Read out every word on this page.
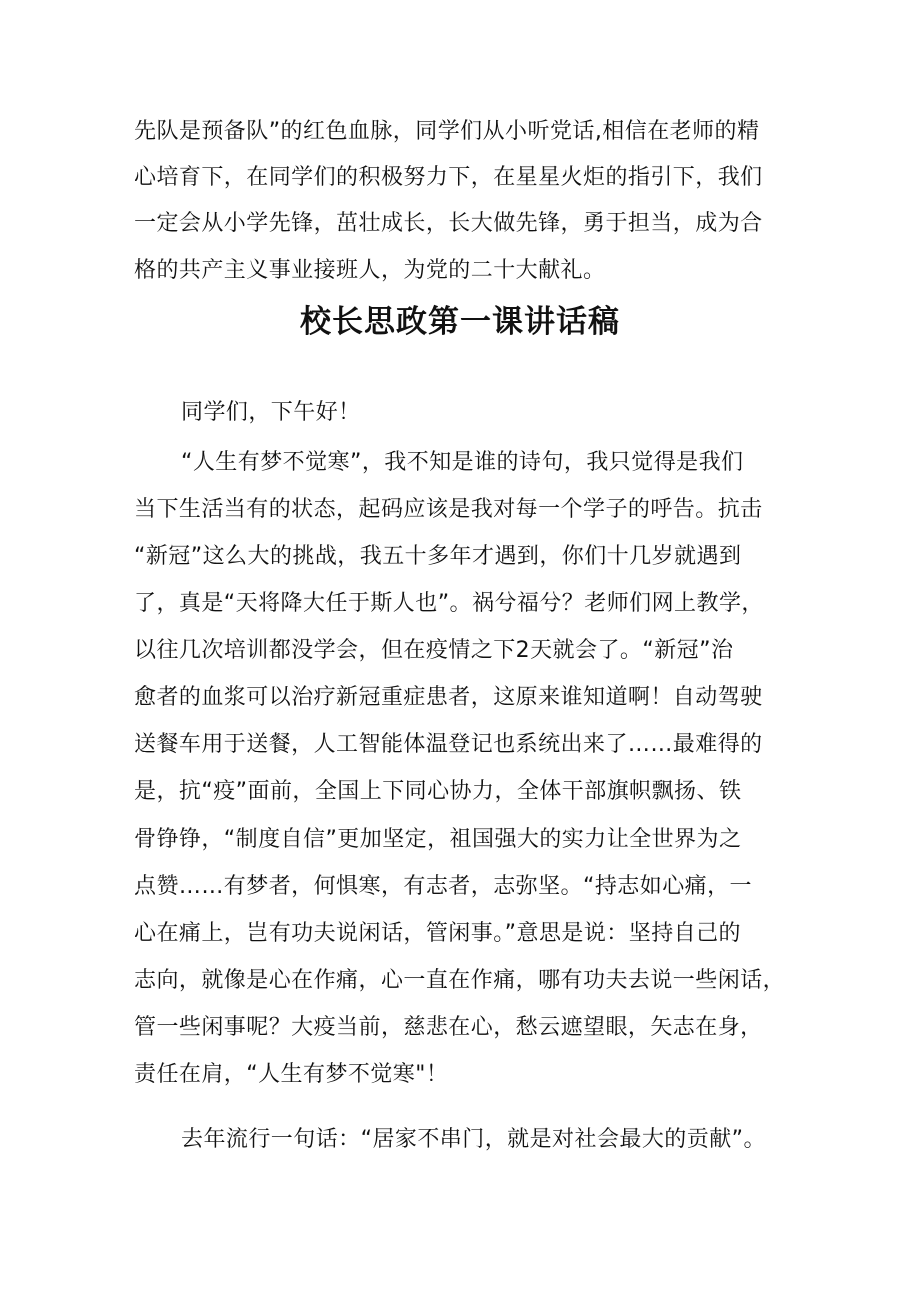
先队是预备队”的红色血脉，同学们从小听党话,相信在老师的精
心培育下，在同学们的积极努力下，在星星火炬的指引下，我们
一定会从小学先锋，茁壮成长，长大做先锋，勇于担当，成为合
格的共产主义事业接班人，为党的二十大献礼。
校长思政第一课讲话稿
同学们，下午好！
“人生有梦不觉寒”，我不知是谁的诗句，我只觉得是我们
当下生活当有的状态，起码应该是我对每一个学子的呼告。抗击
“新冠”这么大的挑战，我五十多年才遇到，你们十几岁就遇到
了，真是“天将降大任于斯人也”。祸兮福兮？老师们网上教学，
以往几次培训都没学会，但在疫情之下2天就会了。“新冠”治
愈者的血浆可以治疗新冠重症患者，这原来谁知道啊！自动驾驶
送餐车用于送餐，人工智能体温登记也系统出来了……最难得的
是，抗“疫”面前，全国上下同心协力，全体干部旗帜飘扬、铁
骨铮铮，“制度自信”更加坚定，祖国强大的实力让全世界为之
点赞……有梦者，何惧寒，有志者，志弥坚。“持志如心痛，一
心在痛上，岂有功夫说闲话，管闲事。”意思是说：坚持自己的
志向，就像是心在作痛，心一直在作痛，哪有功夫去说一些闲话，
管一些闲事呢？大疫当前，慈悲在心，愁云遮望眼，矢志在身，
责任在肩，“人生有梦不觉寒"！
去年流行一句话：“居家不串门，就是对社会最大的贡献”。
